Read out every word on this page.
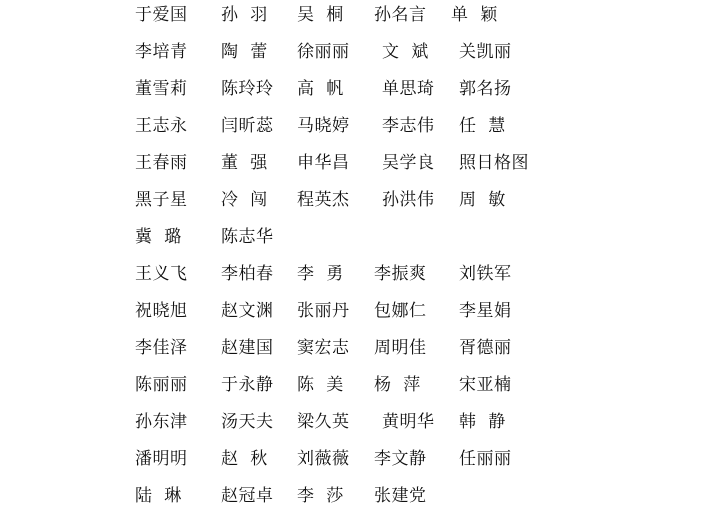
于爱国 孙  羽 吴  桐 孙名言 单  颖
李培青 陶  蕾 徐丽丽 文  斌 关凯丽
董雪莉 陈玲玲 高  帆 单思琦 郭名扬
王志永 闫昕蕊 马晓婷 李志伟 任  慧
王春雨 董  强 申华昌 吴学良 照日格图
黑子星 冷  闯 程英杰 孙洪伟 周  敏
冀  璐 陈志华
王义飞 李柏春 李  勇 李振爽 刘铁军
祝晓旭 赵文渊 张丽丹 包娜仁 李星娟
李佳泽 赵建国 窦宏志 周明佳 胥德丽
陈丽丽 于永静 陈  美 杨  萍 宋亚楠
孙东津 汤天夫 梁久英 黄明华 韩  静
潘明明 赵  秋 刘薇薇 李文静 任丽丽
陆  琳 赵冠卓 李  莎 张建党
